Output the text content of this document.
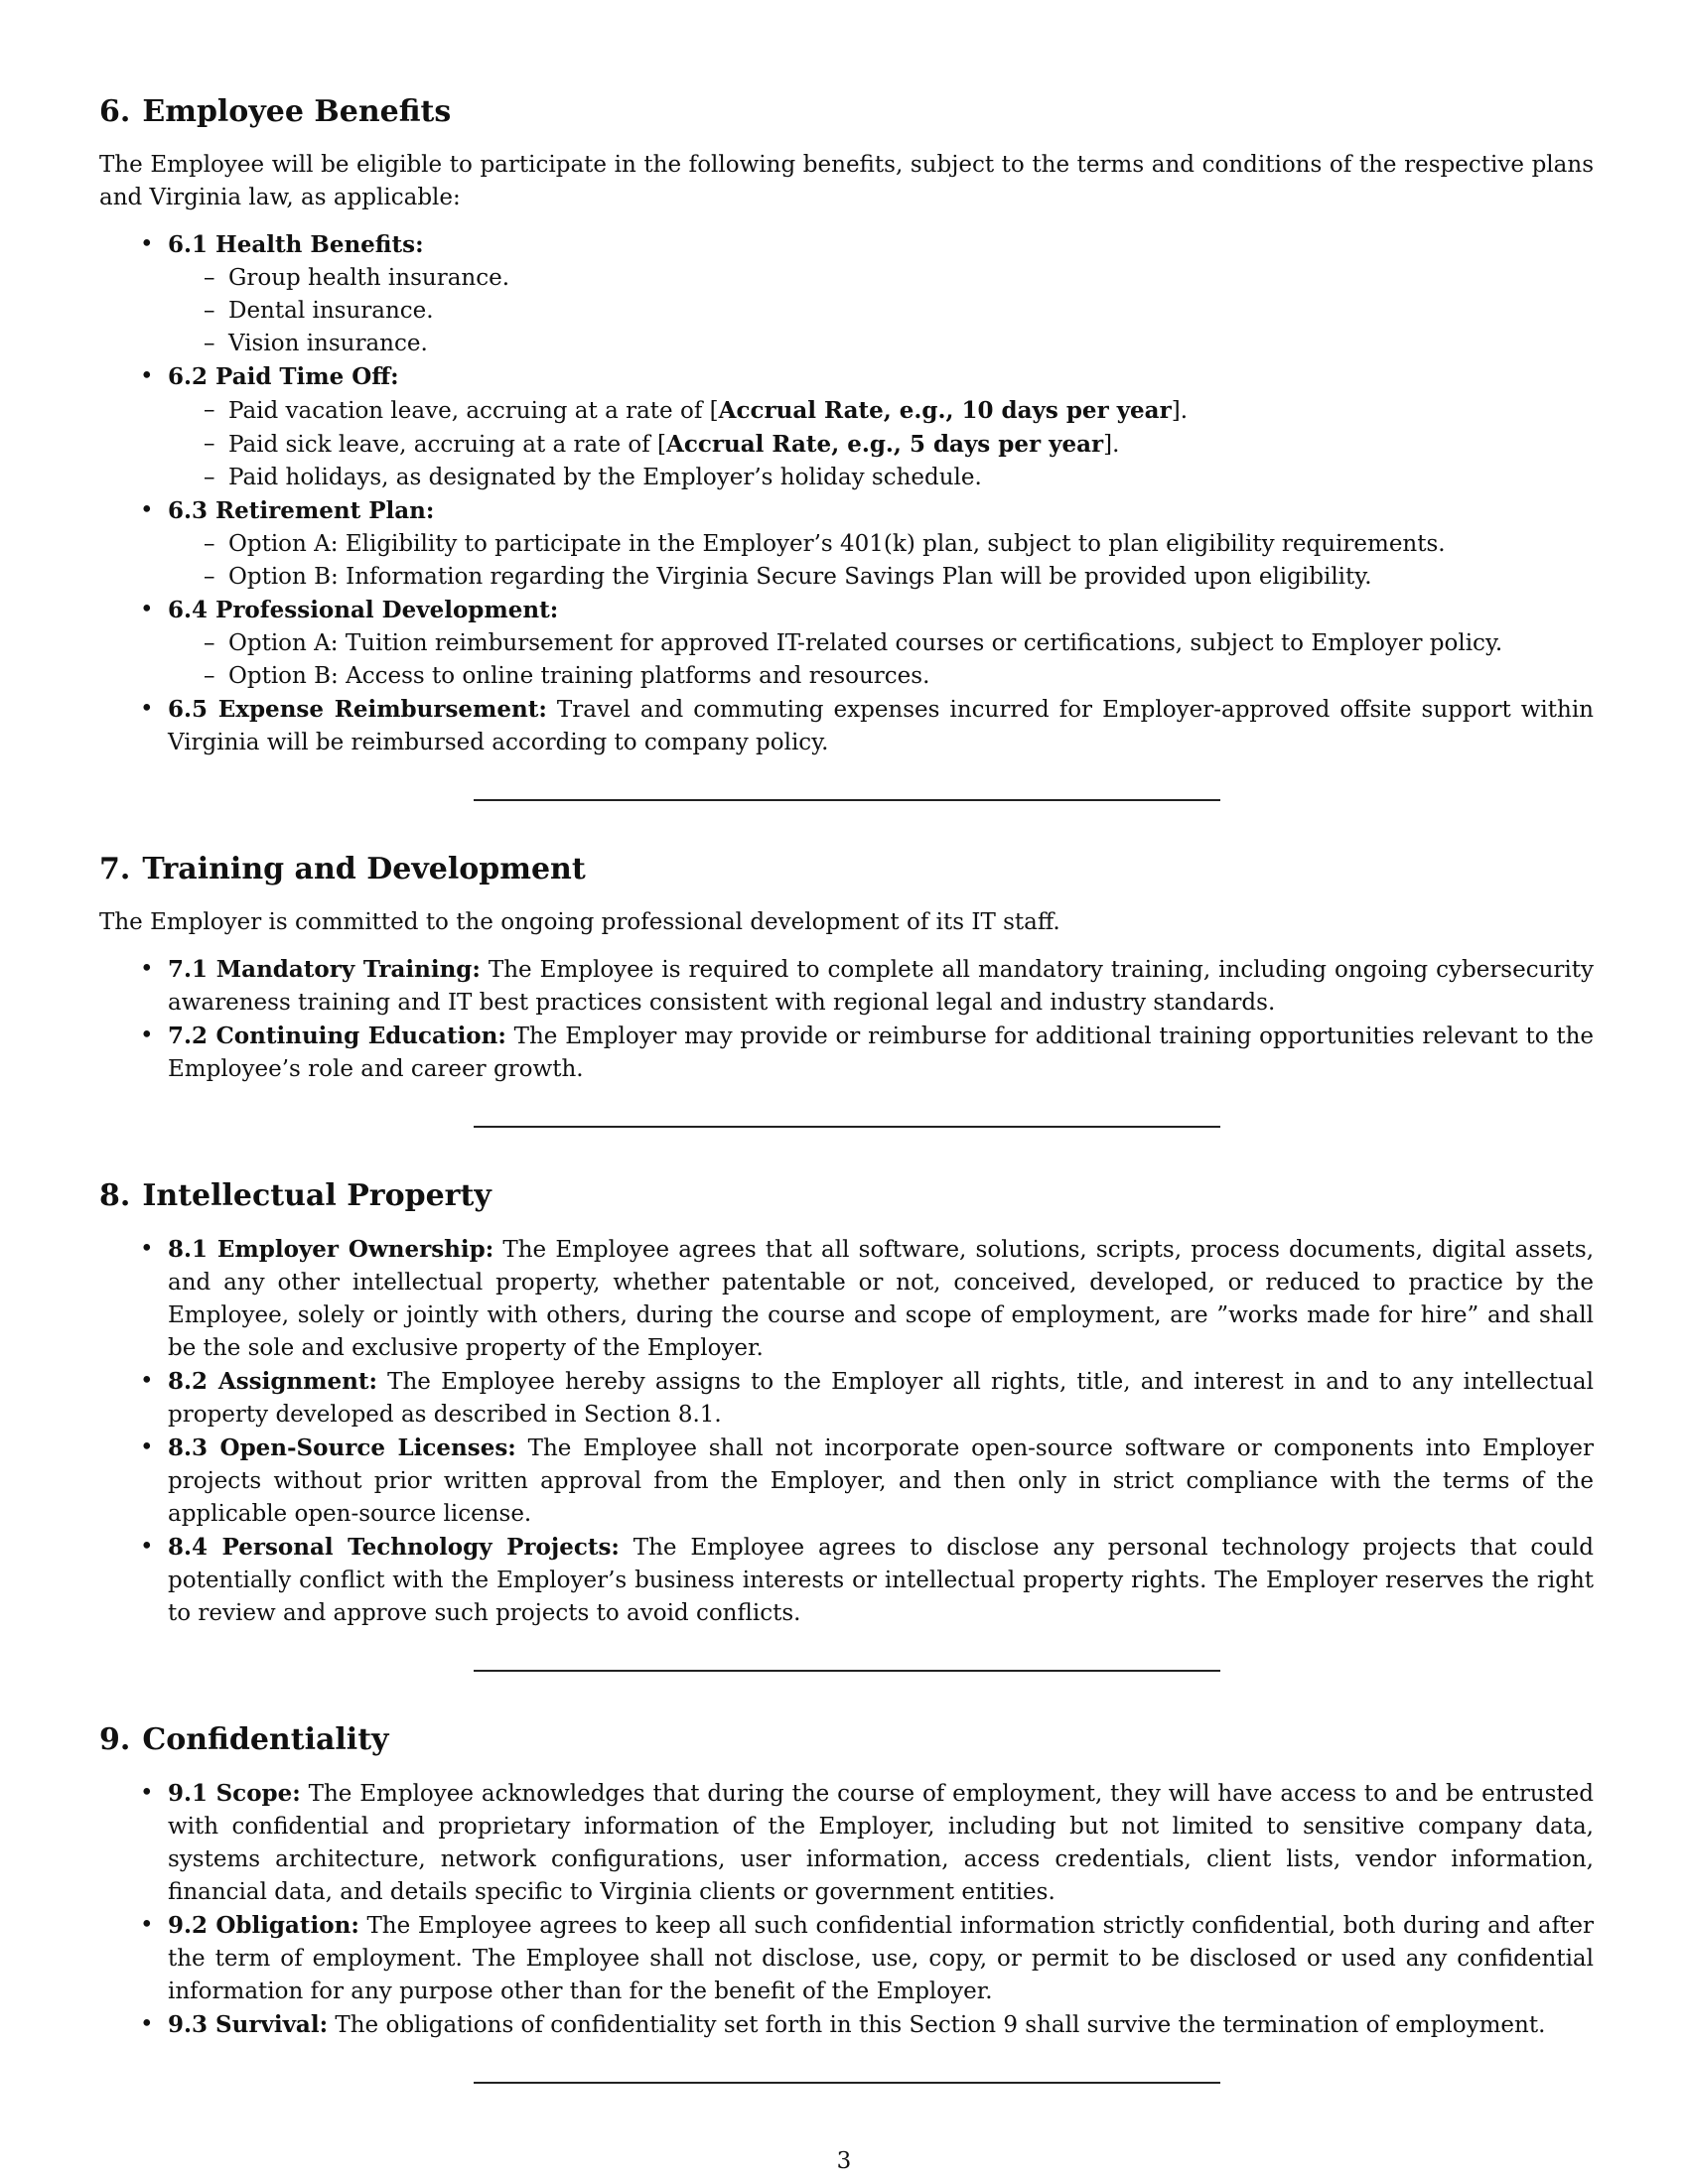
6. Employee Benefits

The Employee will be eligible to participate in the following benefits, subject to the terms and conditions of the respective plans and Virginia law, as applicable:

• 6.1 Health Benefits:
– Group health insurance.
– Dental insurance.
– Vision insurance.
• 6.2 Paid Time Off:
– Paid vacation leave, accruing at a rate of [Accrual Rate, e.g., 10 days per year].
– Paid sick leave, accruing at a rate of [Accrual Rate, e.g., 5 days per year].
– Paid holidays, as designated by the Employer’s holiday schedule.
• 6.3 Retirement Plan:
– Option A: Eligibility to participate in the Employer’s 401(k) plan, subject to plan eligibility requirements.
– Option B: Information regarding the Virginia Secure Savings Plan will be provided upon eligibility.
• 6.4 Professional Development:
– Option A: Tuition reimbursement for approved IT-related courses or certifications, subject to Employer policy.
– Option B: Access to online training platforms and resources.
• 6.5 Expense Reimbursement: Travel and commuting expenses incurred for Employer-approved offsite support within Virginia will be reimbursed according to company policy.
7. Training and Development

The Employer is committed to the ongoing professional development of its IT staff.

• 7.1 Mandatory Training: The Employee is required to complete all mandatory training, including ongoing cybersecurity awareness training and IT best practices consistent with regional legal and industry standards.
• 7.2 Continuing Education: The Employer may provide or reimburse for additional training opportunities relevant to the Employee’s role and career growth.
8. Intellectual Property
• 8.1 Employer Ownership: The Employee agrees that all software, solutions, scripts, process documents, digital assets, and any other intellectual property, whether patentable or not, conceived, developed, or reduced to practice by the Employee, solely or jointly with others, during the course and scope of employment, are ”works made for hire” and shall be the sole and exclusive property of the Employer.
• 8.2 Assignment: The Employee hereby assigns to the Employer all rights, title, and interest in and to any intellectual property developed as described in Section 8.1.
• 8.3 Open-Source Licenses: The Employee shall not incorporate open-source software or components into Employer projects without prior written approval from the Employer, and then only in strict compliance with the terms of the applicable open-source license.
• 8.4 Personal Technology Projects: The Employee agrees to disclose any personal technology projects that could potentially conflict with the Employer’s business interests or intellectual property rights. The Employer reserves the right to review and approve such projects to avoid conflicts.
9. Confidentiality
• 9.1 Scope: The Employee acknowledges that during the course of employment, they will have access to and be entrusted with confidential and proprietary information of the Employer, including but not limited to sensitive company data, systems architecture, network configurations, user information, access credentials, client lists, vendor information, financial data, and details specific to Virginia clients or government entities.
• 9.2 Obligation: The Employee agrees to keep all such confidential information strictly confidential, both during and after the term of employment. The Employee shall not disclose, use, copy, or permit to be disclosed or used any confidential information for any purpose other than for the benefit of the Employer.
• 9.3 Survival: The obligations of confidentiality set forth in this Section 9 shall survive the termination of employment.
3
